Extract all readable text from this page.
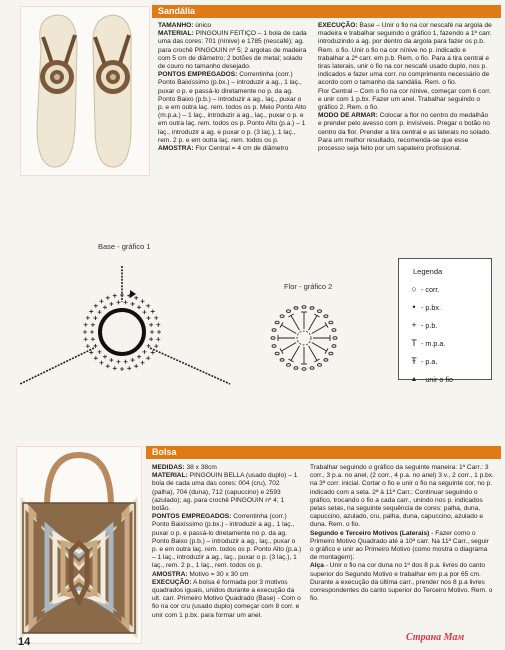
Sandália

TAMANHO: único

MATERIAL: PINGOUIN FEITIÇO – 1 bola de cada uma das cores: 701 (nínive) e 1785 (nescafé); ag. para crochê PINGOUIN nº 5; 2 argolas de madeira com 5 cm de diâmetro; 2 botões de metal; solado de couro no tamanho desejado.

PONTOS EMPREGADOS: Correntinha (corr.) Ponto Baixíssimo (p.bx.) – introduzir a ag., 1 laç., puxar o p. e passá-lo diretamente no p. da ag. Ponto Baixo (p.b.) – introduzir a ag., laç., puxar o p. e em outra laç. rem. todos os p. Meio Ponto Alto (m.p.a.) – 1 laç., introduzir a ag., laç., puxar o p. e em outra laç. rem. todos os p. Ponto Alto (p.a.) – 1 laç., introduzir a ag. e puxar o p. (3 laç.), 1 laç., rem. 2 p. e em outra laç. rem. todos os p.

AMOSTRA: Flor Central = 4 cm de diâmetro

EXECUÇÃO: Base – Unir o fio na cor nescafé na argola de madeira e trabalhar seguindo o gráfico 1, fazendo a 1ª carr. introduzindo a ag. por dentro da argola para fazer os p.b. Rem. o fio. Unir o fio na cor nínive no p. indicado e trabalhar a 2ª carr. em p.b. Rem. o fio. Para a tira central e tiras laterais, unir o fio na cor nescafé usado duplo, nos p. indicados e fazer uma corr. no comprimento necessário de acordo com o tamanho da sandália. Rem. o fio.

Flor Central – Com o fio na cor nínive, começar com 6 corr. e unir com 1 p.bx. Fazer um anel. Trabalhar seguindo o gráfico 2. Rem. o fio.

MODO DE ARMAR: Colocar a flor no centro do medalhão e prender pelo avesso com p. invisíveis. Pregar o botão no centro da flor. Prender a tira central e as laterais no solado. Para um melhor resultado, recomenda-se que esse processo seja feito por um sapateiro profissional.

Base - gráfico 1
Flor - gráfico 2
Legenda
○ - corr.
• - p.bx.
+ - p.b.
T - m.p.a.
Ŧ - p.a.
▲ - unir o fio
Bolsa

MEDIDAS: 38 x 38cm

MATERIAL: PINGOUIN BELLA (usado duplo) – 1 bola de cada uma das cores: 004 (cru), 702 (palha), 704 (duna), 712 (capuccino) e 2593 (azulado); ag. para crochê PINGOUIN nº 4; 1 botão.

PONTOS EMPREGADOS: Correntinha (corr.) Ponto Baixíssimo (p.bx.) - introduzir a ag., 1 laç., puxar o p. e passá-lo diretamente no p. da ag. Ponto Baixo (p.b.) – introduzir a ag., laç., puxar o p. e em outra laç. rem. todos os p. Ponto Alto (p.a.) – 1 laç., introduzir a ag., laç., puxar o p. (3 laç.), 1 laç., rem. 2 p., 1 laç., rem. todos os p.

AMOSTRA: Motivo = 30 x 30 cm

EXECUÇÃO: A bolsa é formada por 3 motivos quadrados iguais, unidos durante a execução da ult. carr. Primeiro Motivo Quadrado (Base) - Com o fio na cor cru (usado duplo) começar com 8 corr. e unir com 1 p.bx. para formar um anel.

Trabalhar seguindo o gráfico da seguinte maneira: 1ª Carr.: 3 corr., 3 p.a. no anel, (2 corr., 4 p.a. no anel) 3 v., 2 corr., 1 p.bx. na 3ª corr. inicial. Cortar o fio e unir o fio na seguinte cor, no p. indicado com a seta. 2ª à 11ª Carr.: Continuar seguindo o gráfico, trocando o fio a cada carr., unindo nos p. indicados pelas setas, na seguinte sequência de cores: palha, duna, capuccino, azulado, cru, palha, duna, capuccino, azulado e duna. Rem. o fio.

Segundo e Terceiro Motivos (Laterais) - Fazer como o Primeiro Motivo Quadrado até a 10ª carr. Na 11ª Carr., seguir o gráfico e unir ao Primeiro Motivo (como mostra o diagrama de montagem).

Alça - Unir o fio na cor duna no 1º dos 8 p.a. livres do canto superior do Segundo Motivo e trabalhar em p.a por 65 cm. Durante a execução da última carr., prender nos 8 p.a livres correspondentes do canto superior do Terceiro Motivo. Rem. o fio.

14	Страна Мам
